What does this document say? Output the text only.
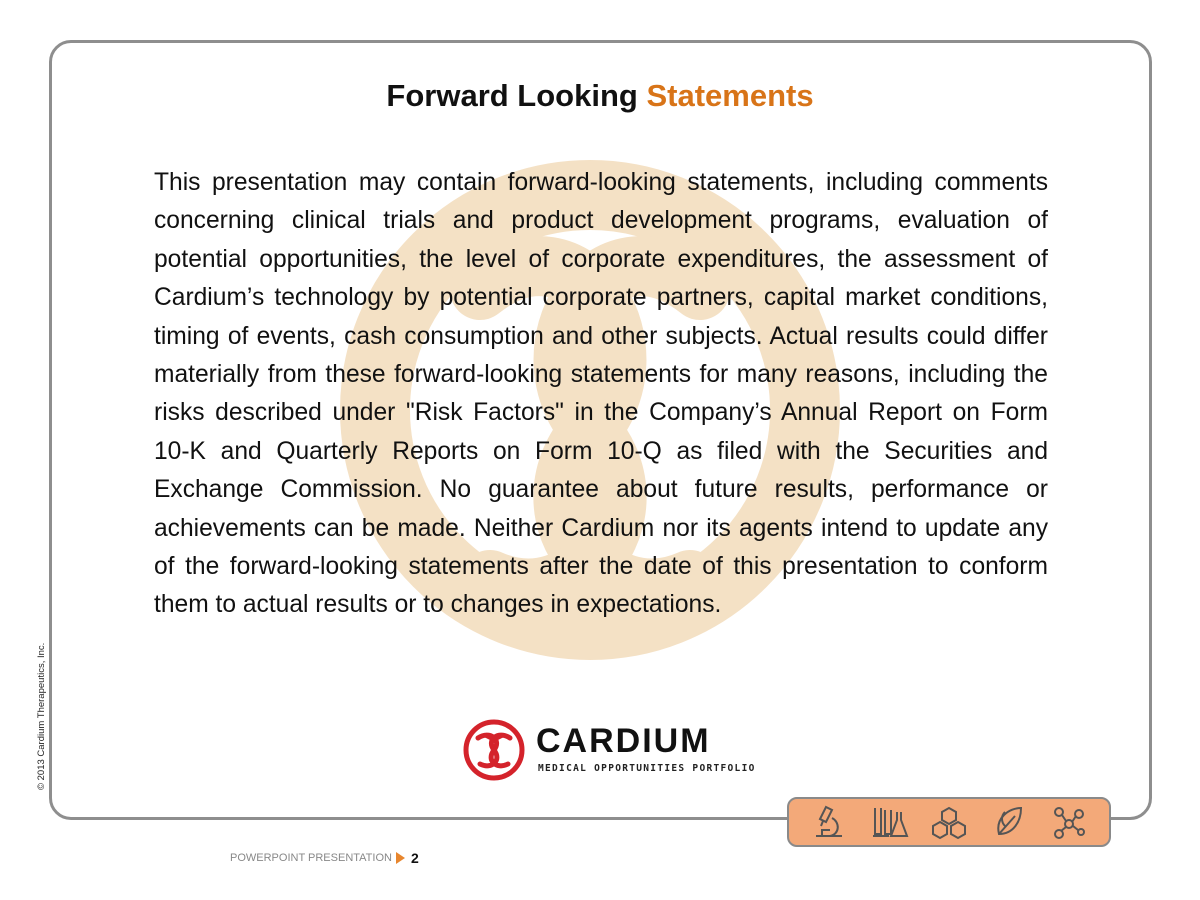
Forward Looking Statements
This presentation may contain forward-looking statements, including comments concerning clinical trials and product development programs, evaluation of potential opportunities, the level of corporate expenditures, the assessment of Cardium’s technology by potential corporate partners, capital market conditions, timing of events, cash consumption and other subjects. Actual results could differ materially from these forward-looking statements for many reasons, including the risks described under "Risk Factors" in the Company’s Annual Report on Form 10-K and Quarterly Reports on Form 10-Q as filed with the Securities and Exchange Commission. No guarantee about future results, performance or achievements can be made. Neither Cardium nor its agents intend to update any of the forward-looking statements after the date of this presentation to conform them to actual results or to changes in expectations.
CARDIUM
MEDICAL OPPORTUNITIES PORTFOLIO
© 2013 Cardium Therapeutics, Inc.
POWERPOINT PRESENTATION 2
